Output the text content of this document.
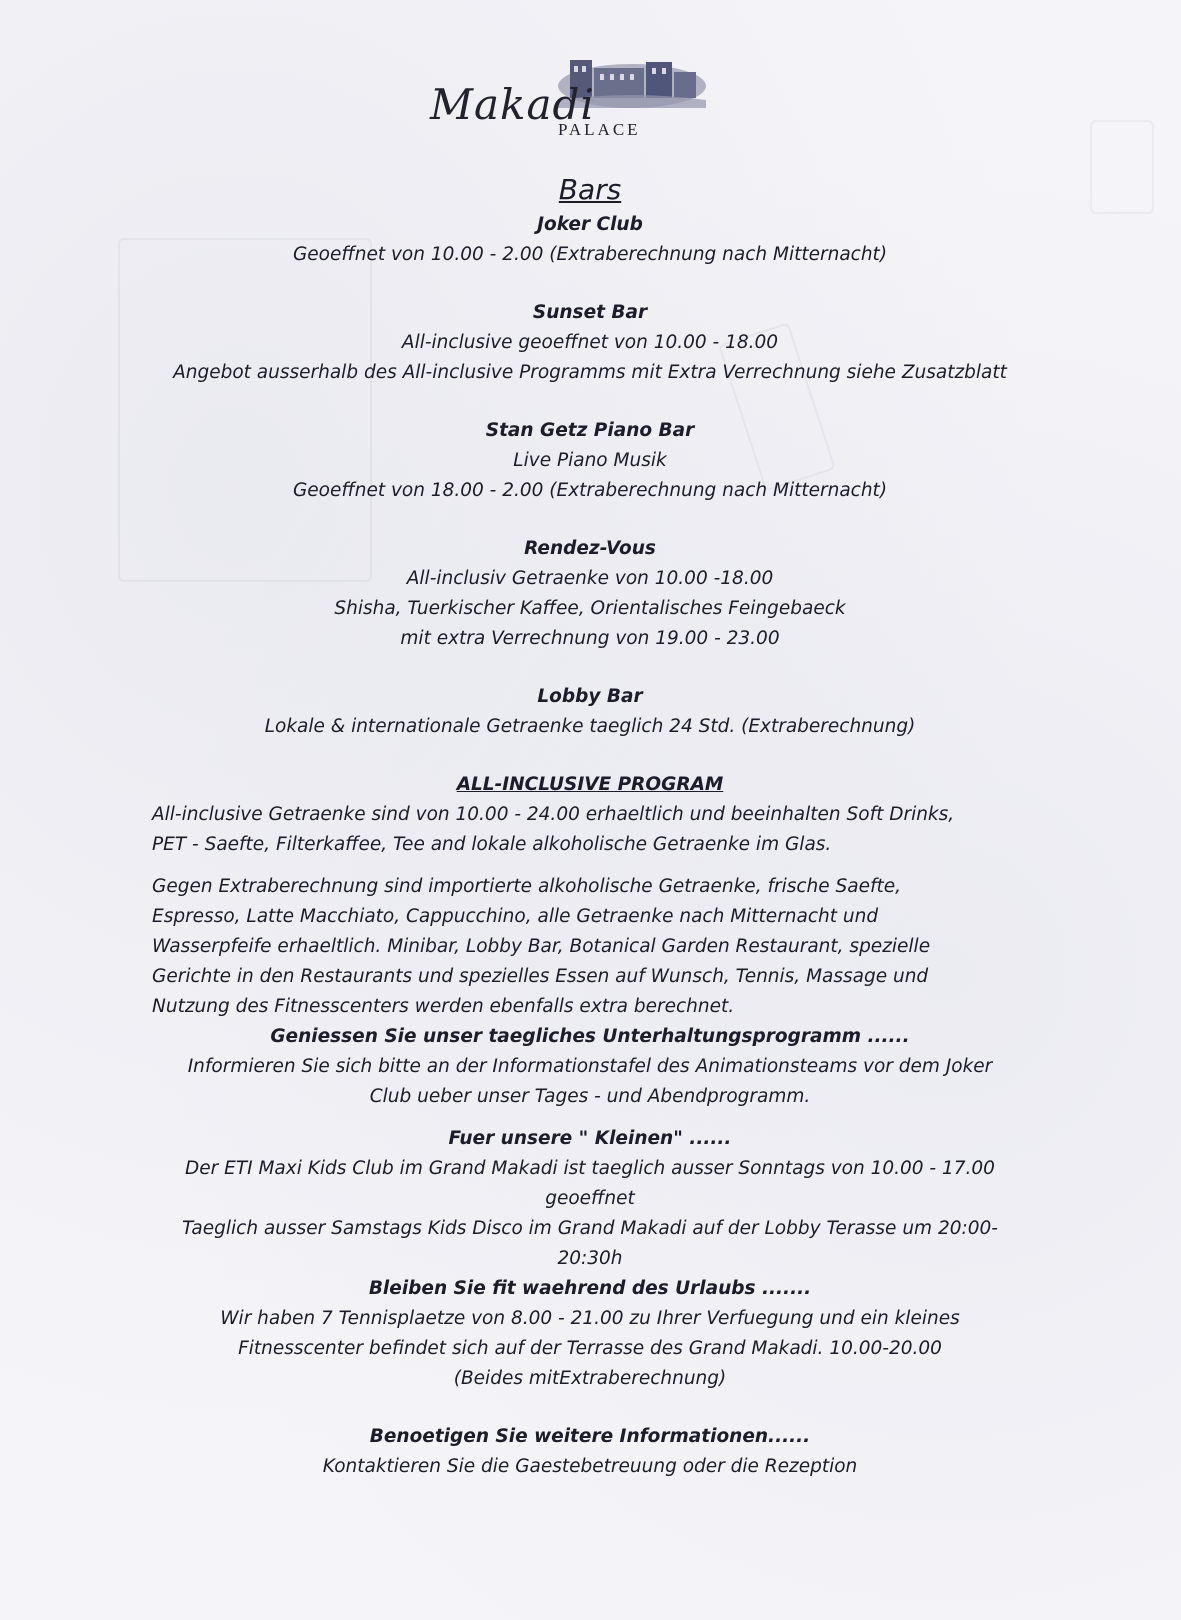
Makadi
PALACE
Bars
Joker Club
Geoeffnet von 10.00 - 2.00 (Extraberechnung nach Mitternacht)
Sunset Bar
All-inclusive geoeffnet von 10.00 - 18.00
Angebot ausserhalb des All-inclusive Programms mit Extra Verrechnung siehe Zusatzblatt
Stan Getz Piano Bar
Live Piano Musik
Geoeffnet von 18.00 - 2.00 (Extraberechnung nach Mitternacht)
Rendez-Vous
All-inclusiv Getraenke von 10.00 -18.00
Shisha, Tuerkischer Kaffee, Orientalisches Feingebaeck
mit extra Verrechnung von 19.00 - 23.00
Lobby Bar
Lokale & internationale Getraenke taeglich 24 Std. (Extraberechnung)
ALL-INCLUSIVE PROGRAM
All-inclusive Getraenke sind von 10.00 - 24.00 erhaeltlich und beeinhalten Soft Drinks,
PET - Saefte, Filterkaffee, Tee and lokale alkoholische Getraenke im Glas.
Gegen Extraberechnung sind importierte alkoholische Getraenke, frische Saefte,
Espresso, Latte Macchiato, Cappucchino, alle Getraenke nach Mitternacht und
Wasserpfeife erhaeltlich. Minibar, Lobby Bar, Botanical Garden Restaurant, spezielle
Gerichte in den Restaurants und spezielles Essen auf Wunsch, Tennis, Massage und
Nutzung des Fitnesscenters werden ebenfalls extra berechnet.
Geniessen Sie unser taegliches Unterhaltungsprogramm ......
Informieren Sie sich bitte an der Informationstafel des Animationsteams vor dem Joker
Club ueber unser Tages - und Abendprogramm.
Fuer unsere " Kleinen" ......
Der ETI Maxi Kids Club im Grand Makadi ist taeglich ausser Sonntags von 10.00 - 17.00
geoeffnet
Taeglich ausser Samstags Kids Disco im Grand Makadi auf der Lobby Terasse um 20:00-
20:30h
Bleiben Sie fit waehrend des Urlaubs .......
Wir haben 7 Tennisplaetze von 8.00 - 21.00 zu Ihrer Verfuegung und ein kleines
Fitnesscenter befindet sich auf der Terrasse des Grand Makadi. 10.00-20.00
(Beides mitExtraberechnung)
Benoetigen Sie weitere Informationen......
Kontaktieren Sie die Gaestebetreuung oder die Rezeption
